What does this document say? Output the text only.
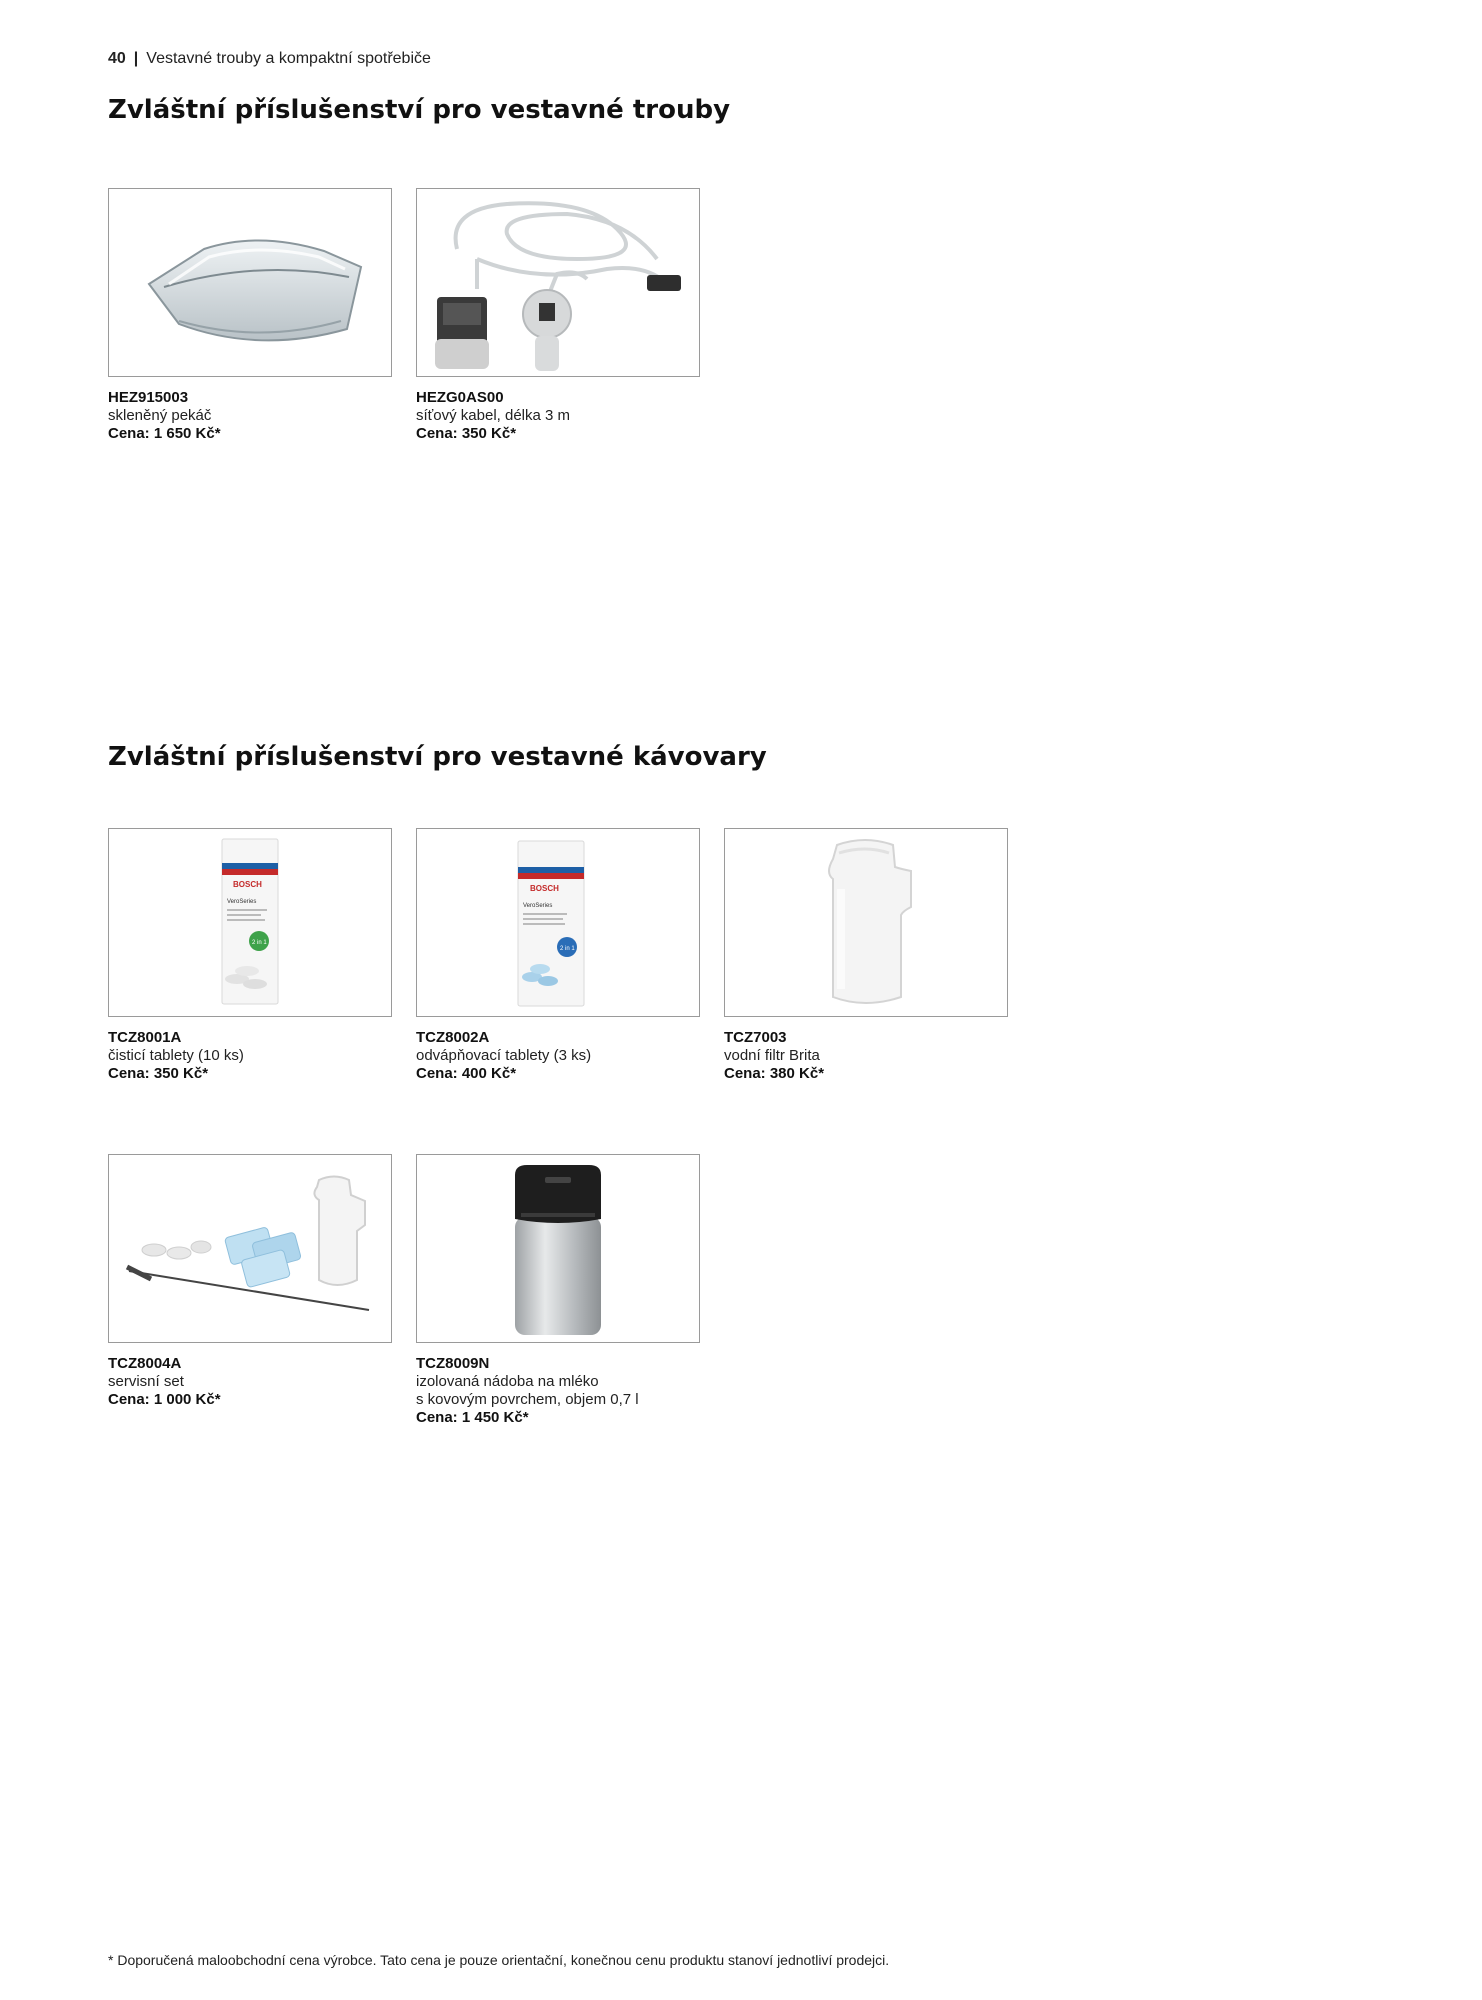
40 | Vestavné trouby a kompaktní spotřebiče
Zvláštní příslušenství pro vestavné trouby
HEZ915003
skleněný pekáč
Cena: 1 650 Kč*
HEZG0AS00
síťový kabel, délka 3 m
Cena: 350 Kč*
Zvláštní příslušenství pro vestavné kávovary
BOSCH
VeroSeries
2 in 1
TCZ8001A
čisticí tablety (10 ks)
Cena: 350 Kč*
BOSCH
VeroSeries
2 in 1
TCZ8002A
odvápňovací tablety (3 ks)
Cena: 400 Kč*
TCZ7003
vodní filtr Brita
Cena: 380 Kč*
TCZ8004A
servisní set
Cena: 1 000 Kč*
TCZ8009N
izolovaná nádoba na mléko
s kovovým povrchem, objem 0,7 l
Cena: 1 450 Kč*
* Doporučená maloobchodní cena výrobce. Tato cena je pouze orientační, konečnou cenu produktu stanoví jednotliví prodejci.
